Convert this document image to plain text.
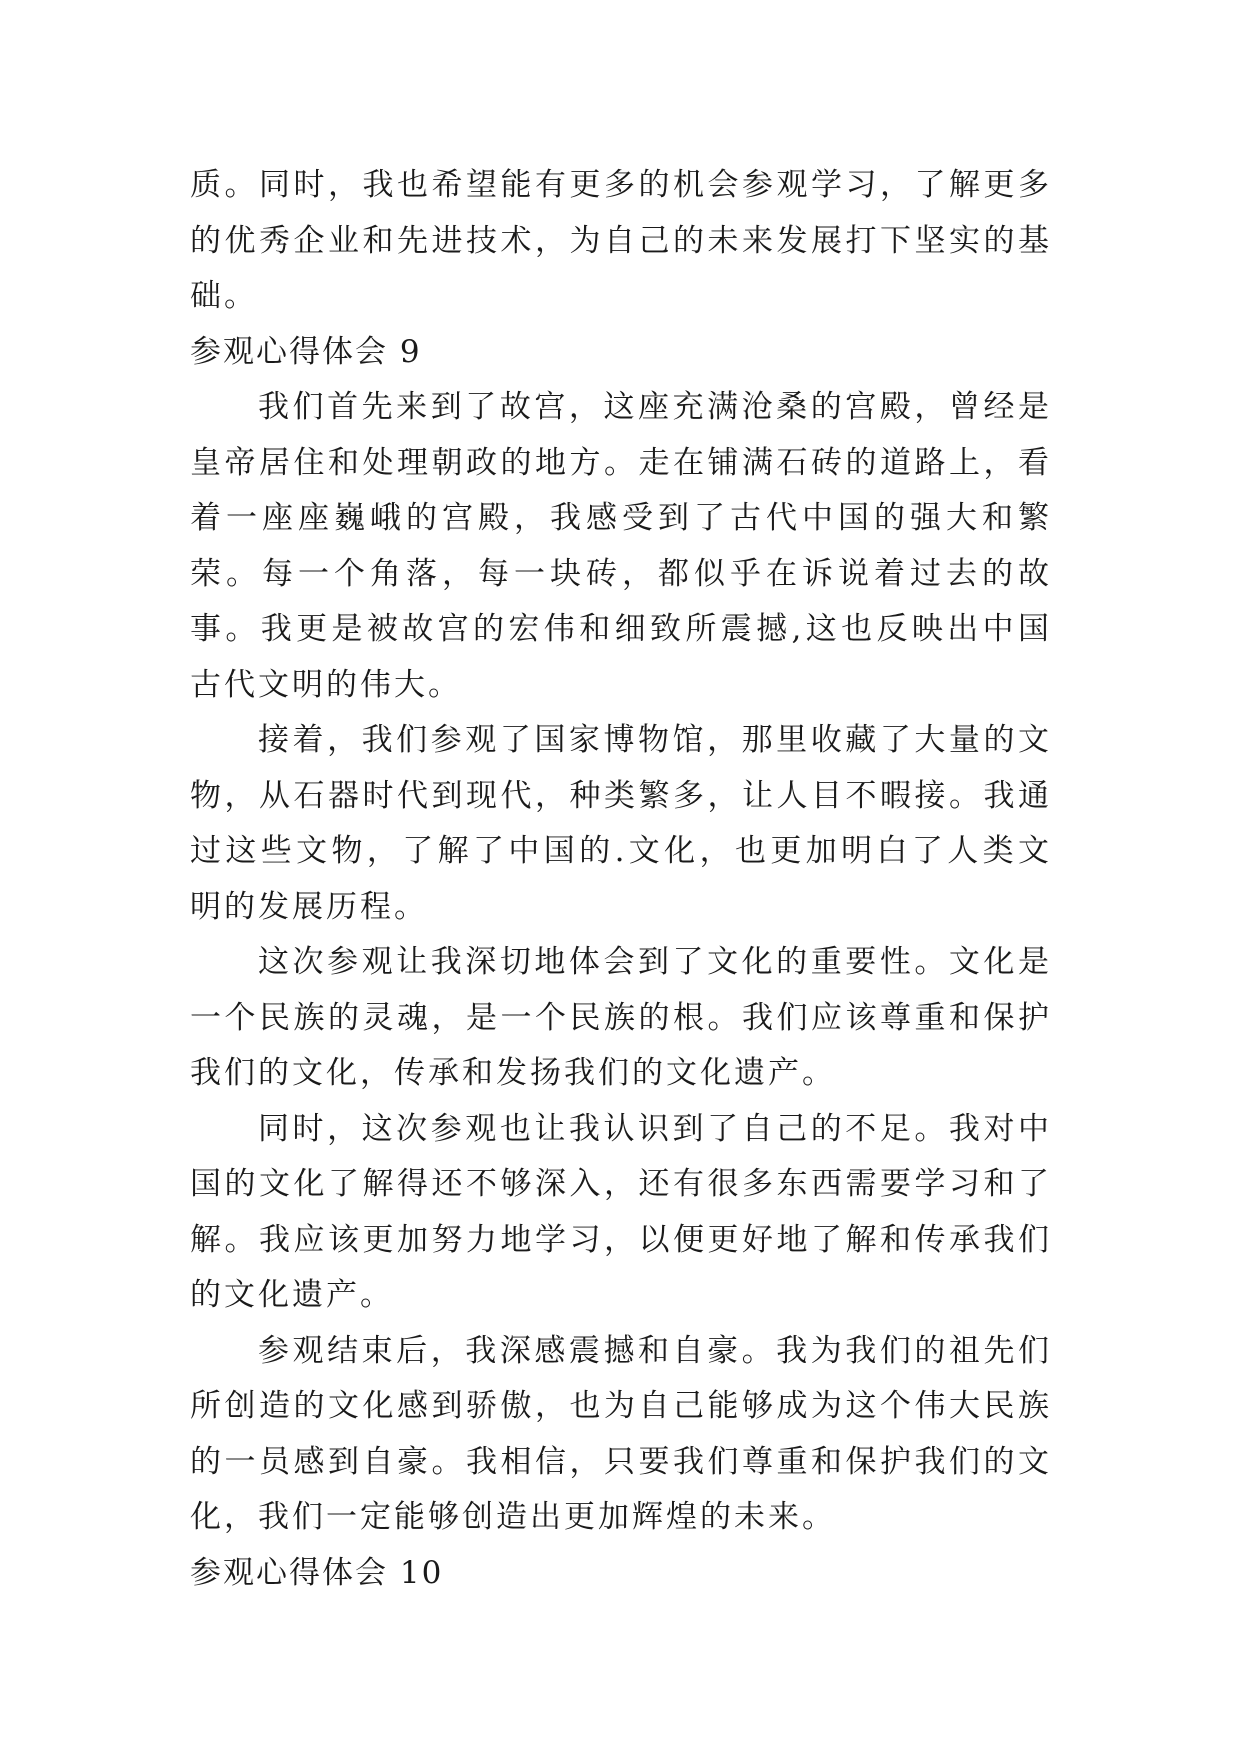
质。同时，我也希望能有更多的机会参观学习，了解更多的优秀企业和先进技术，为自己的未来发展打下坚实的基础。

参观心得体会 9

我们首先来到了故宫，这座充满沧桑的宫殿，曾经是皇帝居住和处理朝政的地方。走在铺满石砖的道路上，看着一座座巍峨的宫殿，我感受到了古代中国的强大和繁荣。每一个角落，每一块砖，都似乎在诉说着过去的故事。我更是被故宫的宏伟和细致所震撼,这也反映出中国古代文明的伟大。

接着，我们参观了国家博物馆，那里收藏了大量的文物，从石器时代到现代，种类繁多，让人目不暇接。我通过这些文物，了解了中国的.文化，也更加明白了人类文明的发展历程。

这次参观让我深切地体会到了文化的重要性。文化是一个民族的灵魂，是一个民族的根。我们应该尊重和保护我们的文化，传承和发扬我们的文化遗产。

同时，这次参观也让我认识到了自己的不足。我对中国的文化了解得还不够深入，还有很多东西需要学习和了解。我应该更加努力地学习，以便更好地了解和传承我们的文化遗产。

参观结束后，我深感震撼和自豪。我为我们的祖先们所创造的文化感到骄傲，也为自己能够成为这个伟大民族的一员感到自豪。我相信，只要我们尊重和保护我们的文化，我们一定能够创造出更加辉煌的未来。

参观心得体会 10
